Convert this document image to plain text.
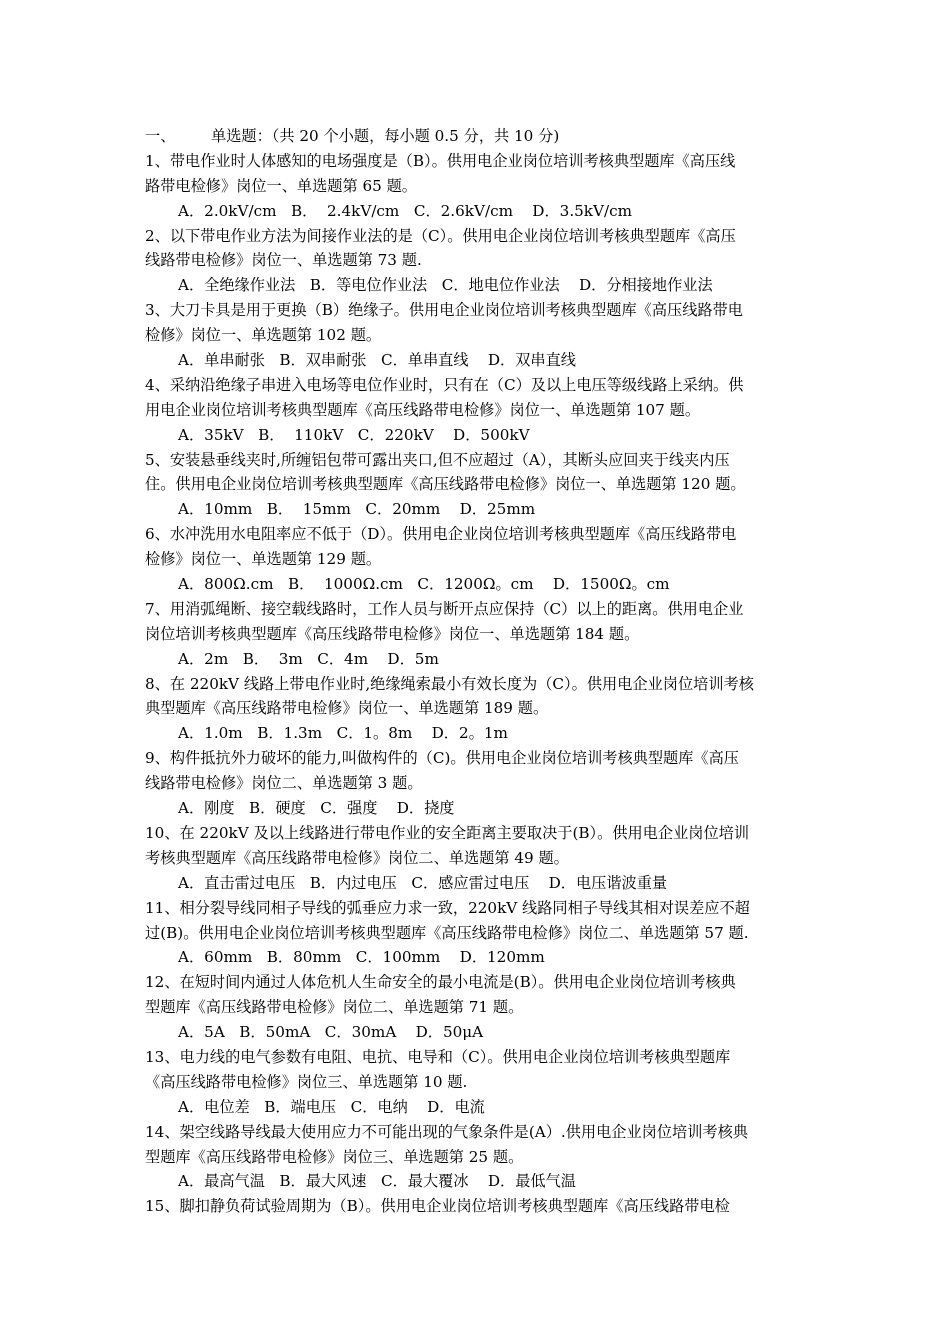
一、 单选题：（共 20 个小题，每小题 0.5 分，共 10 分)
1、带电作业时人体感知的电场强度是（B）。供用电企业岗位培训考核典型题库《高压线
路带电检修》岗位一、单选题第 65 题。
A．2.0kV/cm   B．  2.4kV/cm   C．2.6kV/cm    D．3.5kV/cm
2、以下带电作业方法为间接作业法的是（C）。供用电企业岗位培训考核典型题库《高压
线路带电检修》岗位一、单选题第 73 题.
A．全绝缘作业法   B．等电位作业法   C．地电位作业法    D．分相接地作业法
3、大刀卡具是用于更换（B）绝缘子。供用电企业岗位培训考核典型题库《高压线路带电
检修》岗位一、单选题第 102 题。
A．单串耐张   B．双串耐张   C．单串直线    D．双串直线
4、采纳沿绝缘子串进入电场等电位作业时，只有在（C）及以上电压等级线路上采纳。供
用电企业岗位培训考核典型题库《高压线路带电检修》岗位一、单选题第 107 题。
A．35kV   B．  110kV   C．220kV    D．500kV
5、安装悬垂线夹时,所缠铝包带可露出夹口,但不应超过（A），其断头应回夹于线夹内压
住。供用电企业岗位培训考核典型题库《高压线路带电检修》岗位一、单选题第 120 题。
A．10mm   B．  15mm   C．20mm    D．25mm
6、水冲洗用水电阻率应不低于（D）。供用电企业岗位培训考核典型题库《高压线路带电
检修》岗位一、单选题第 129 题。
A．800Ω.cm   B．  1000Ω.cm   C．1200Ω。cm    D．1500Ω。cm
7、用消弧绳断、接空载线路时，工作人员与断开点应保持（C）以上的距离。供用电企业
岗位培训考核典型题库《高压线路带电检修》岗位一、单选题第 184 题。
A．2m   B．  3m   C．4m    D．5m
8、在 220kV 线路上带电作业时,绝缘绳索最小有效长度为（C）。供用电企业岗位培训考核
典型题库《高压线路带电检修》岗位一、单选题第 189 题。
A．1.0m   B．1.3m   C．1。8m    D．2。1m
9、构件抵抗外力破坏的能力,叫做构件的（C)。供用电企业岗位培训考核典型题库《高压
线路带电检修》岗位二、单选题第 3 题。
A．刚度   B．硬度   C．强度    D．挠度
10、在 220kV 及以上线路进行带电作业的安全距离主要取决于(B）。供用电企业岗位培训
考核典型题库《高压线路带电检修》岗位二、单选题第 49 题。
A．直击雷过电压   B．内过电压   C．感应雷过电压    D．电压谐波重量
11、相分裂导线同相子导线的弧垂应力求一致，220kV 线路同相子导线其相对误差应不超
过(B)。供用电企业岗位培训考核典型题库《高压线路带电检修》岗位二、单选题第 57 题.
A．60mm   B．80mm   C．100mm    D．120mm
12、在短时间内通过人体危机人生命安全的最小电流是(B）。供用电企业岗位培训考核典
型题库《高压线路带电检修》岗位二、单选题第 71 题。
A．5A   B．50mA   C．30mA    D．50μA
13、电力线的电气参数有电阻、电抗、电导和（C）。供用电企业岗位培训考核典型题库
《高压线路带电检修》岗位三、单选题第 10 题.
A．电位差   B．端电压   C．电纳    D．电流
14、架空线路导线最大使用应力不可能出现的气象条件是(A）.供用电企业岗位培训考核典
型题库《高压线路带电检修》岗位三、单选题第 25 题。
A．最高气温   B．最大风速   C．最大覆冰    D．最低气温
15、脚扣静负荷试验周期为（B）。供用电企业岗位培训考核典型题库《高压线路带电检
